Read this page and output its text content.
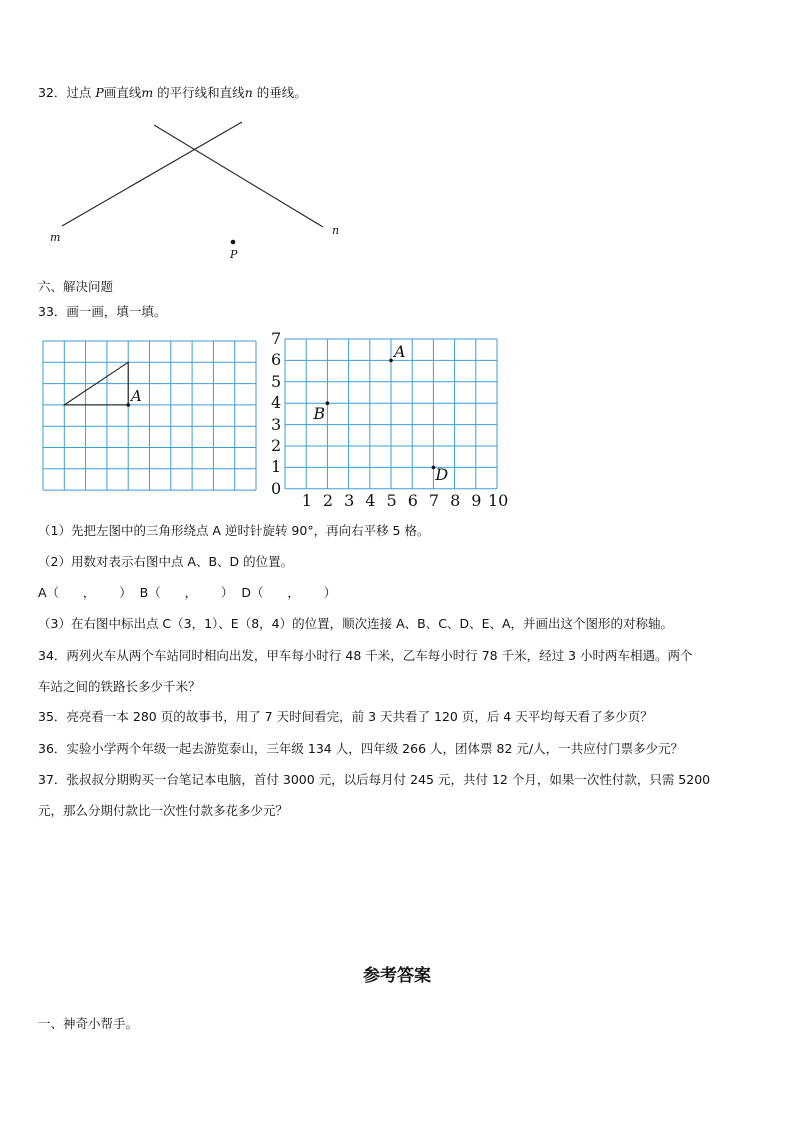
32．过点 P画直线m 的平行线和直线n 的垂线。
m
n
P
六、解决问题
33．画一画，填一填。
A
0
1
2
3
4
5
6
7
1 2 3 4 5 6 7 8 9 10
A
B
D
（1）先把左图中的三角形绕点 A 逆时针旋转 90°，再向右平移 5 格。
（2）用数对表示右图中点 A、B、D 的位置。
A（      ，      ）  B（      ，      ）  D（      ，      ）
（3）在右图中标出点 C（3，1）、E（8，4）的位置，顺次连接 A、B、C、D、E、A，并画出这个图形的对称轴。
34．两列火车从两个车站同时相向出发，甲车每小时行 48 千米，乙车每小时行 78 千米，经过 3 小时两车相遇。两个
车站之间的铁路长多少千米？
35．亮亮看一本 280 页的故事书，用了 7 天时间看完，前 3 天共看了 120 页，后 4 天平均每天看了多少页？
36．实验小学两个年级一起去游览泰山，三年级 134 人，四年级 266 人，团体票 82 元/人，一共应付门票多少元？
37．张叔叔分期购买一台笔记本电脑，首付 3000 元，以后每月付 245 元，共付 12 个月，如果一次性付款，只需 5200
元，那么分期付款比一次性付款多花多少元？
参考答案
一、神奇小帮手。
